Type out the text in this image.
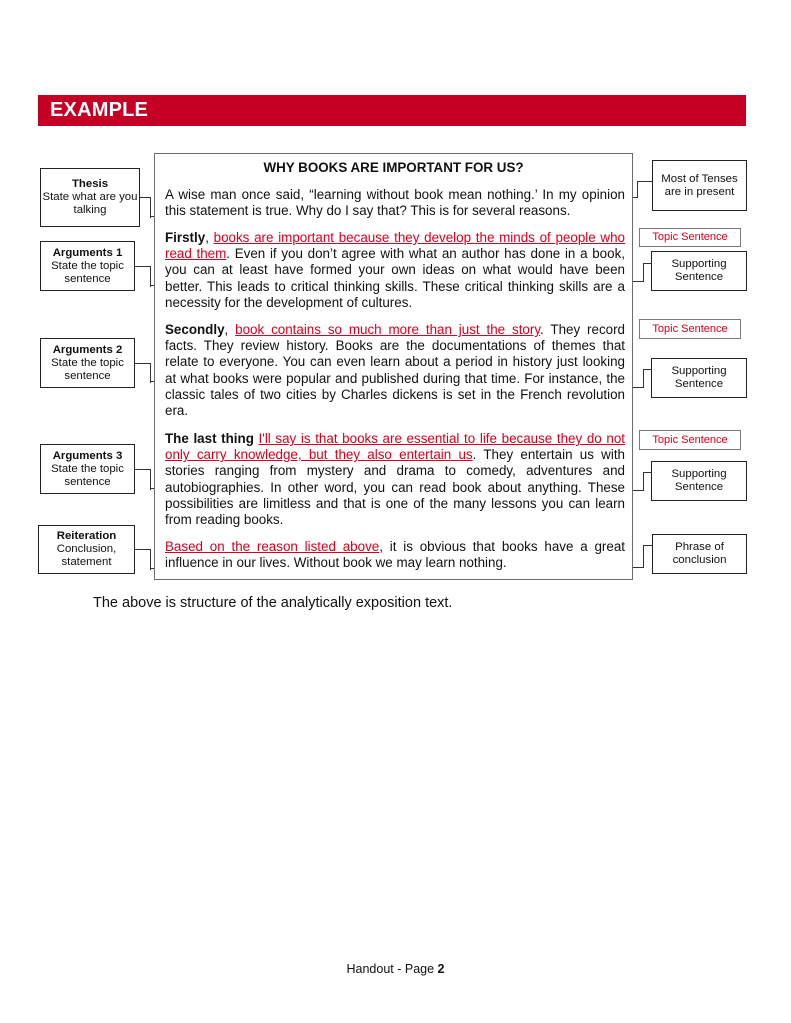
EXAMPLE
Thesis
State what are you talking
Arguments 1
State the topic sentence
Arguments 2
State the topic sentence
Arguments 3
State the topic sentence
Reiteration
Conclusion, statement
WHY BOOKS ARE IMPORTANT FOR US?
A wise man once said, “learning without book mean nothing.’ In my opinion this statement is true. Why do I say that? This is for several reasons.
Firstly, books are important because they develop the minds of people who read them. Even if you don’t agree with what an author has done in a book, you can at least have formed your own ideas on what would have been better. This leads to critical thinking skills. These critical thinking skills are a necessity for the development of cultures.
Secondly, book contains so much more than just the story. They record facts. They review history. Books are the documentations of themes that relate to everyone. You can even learn about a period in history just looking at what books were popular and published during that time. For instance, the classic tales of two cities by Charles dickens is set in the French revolution era.
The last thing I'll say is that books are essential to life because they do not only carry knowledge, but they also entertain us. They entertain us with stories ranging from mystery and drama to comedy, adventures and autobiographies. In other word, you can read book about anything. These possibilities are limitless and that is one of the many lessons you can learn from reading books.
Based on the reason listed above, it is obvious that books have a great influence in our lives. Without book we may learn nothing.
Most of Tenses are in present
Topic Sentence
Supporting Sentence
Topic Sentence
Supporting Sentence
Topic Sentence
Supporting Sentence
Phrase of conclusion
The above is structure of the analytically exposition text.
Handout - Page 2
